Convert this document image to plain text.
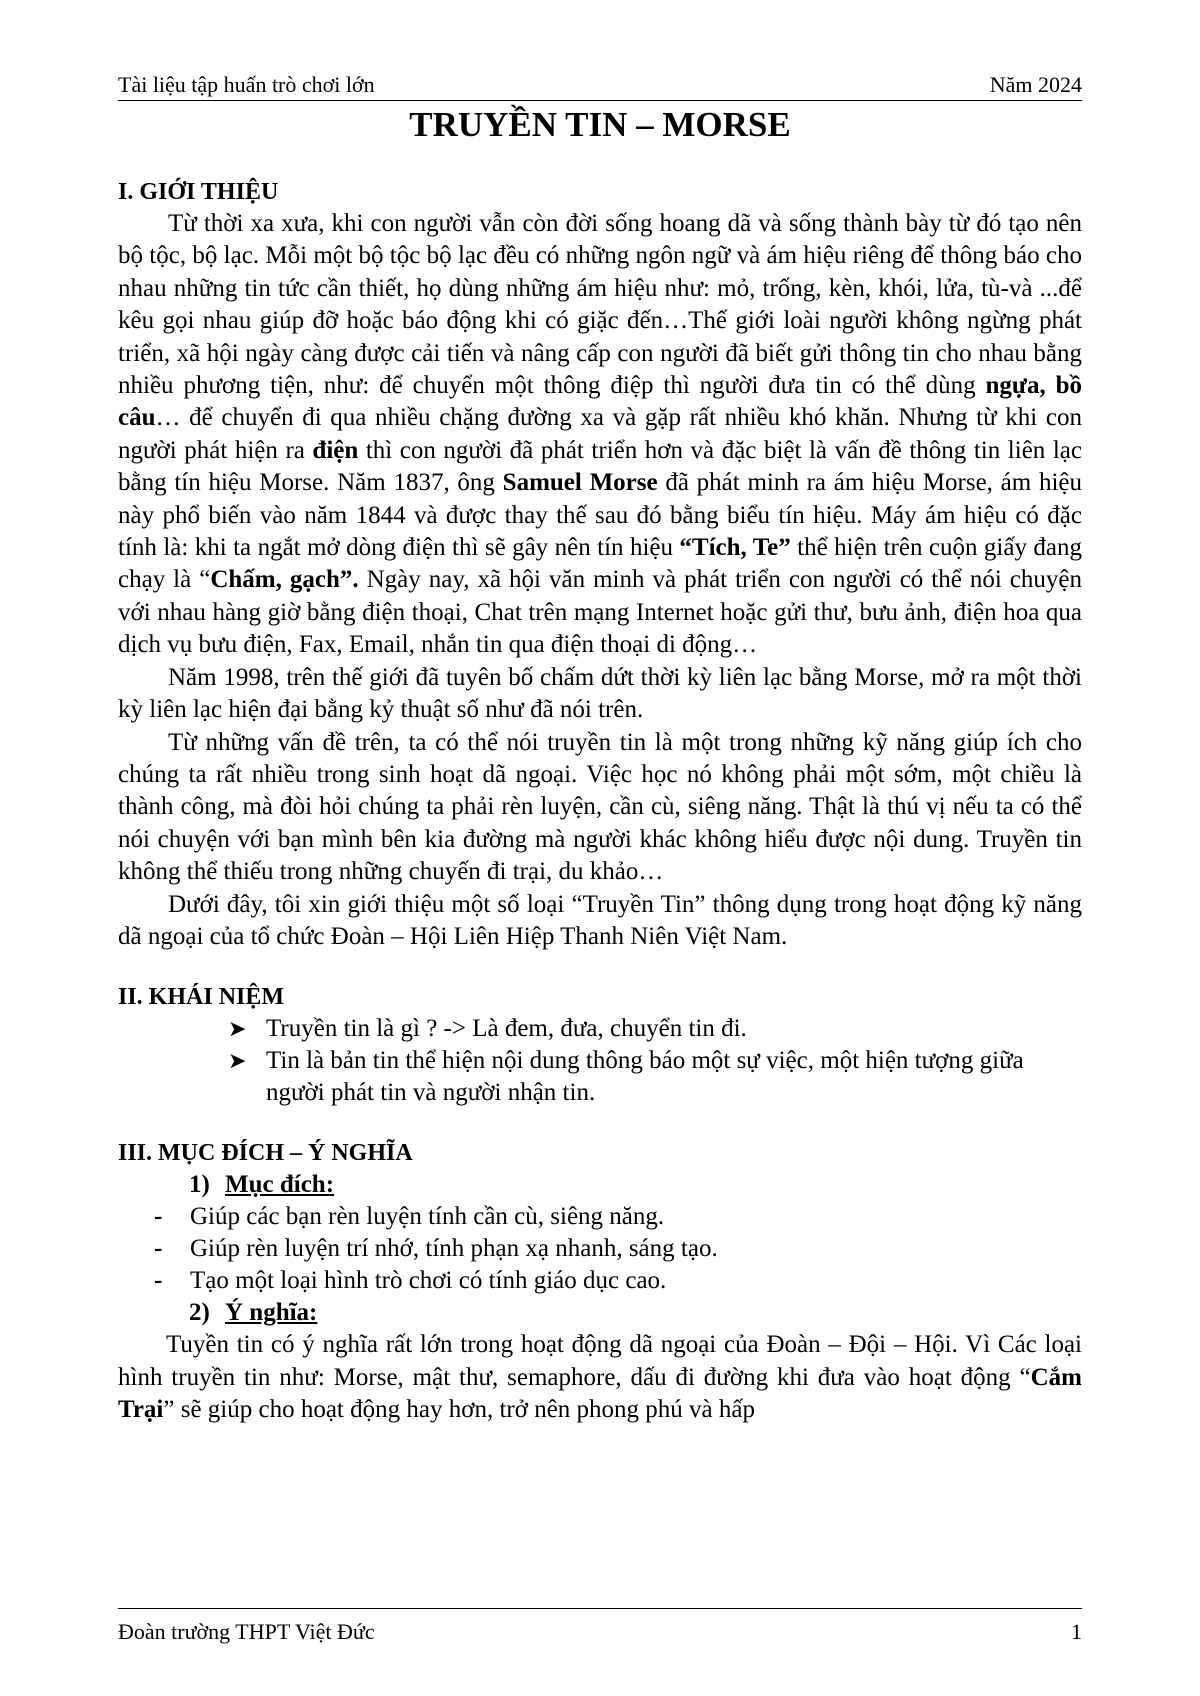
Tài liệu tập huấn trò chơi lớn	Năm 2024
TRUYỀN TIN – MORSE
I. GIỚI THIỆU

Từ thời xa xưa, khi con người vẫn còn đời sống hoang dã và sống thành bày từ đó tạo nên bộ tộc, bộ lạc. Mỗi một bộ tộc bộ lạc đều có những ngôn ngữ và ám hiệu riêng để thông báo cho nhau những tin tức cần thiết, họ dùng những ám hiệu như: mỏ, trống, kèn, khói, lửa, tù-và ...để kêu gọi nhau giúp đỡ hoặc báo động khi có giặc đến…Thế giới loài người không ngừng phát triển, xã hội ngày càng được cải tiến và nâng cấp con người đã biết gửi thông tin cho nhau bằng nhiều phương tiện, như: để chuyển một thông điệp thì người đưa tin có thể dùng ngựa, bồ câu… để chuyển đi qua nhiều chặng đường xa và gặp rất nhiều khó khăn. Nhưng từ khi con người phát hiện ra điện thì con người đã phát triển hơn và đặc biệt là vấn đề thông tin liên lạc bằng tín hiệu Morse. Năm 1837, ông Samuel Morse đã phát minh ra ám hiệu Morse, ám hiệu này phổ biến vào năm 1844 và được thay thế sau đó bằng biểu tín hiệu. Máy ám hiệu có đặc tính là: khi ta ngắt mở dòng điện thì sẽ gây nên tín hiệu “Tích, Te” thể hiện trên cuộn giấy đang chạy là “Chấm, gạch”. Ngày nay, xã hội văn minh và phát triển con người có thể nói chuyện với nhau hàng giờ bằng điện thoại, Chat trên mạng Internet hoặc gửi thư, bưu ảnh, điện hoa qua dịch vụ bưu điện, Fax, Email, nhắn tin qua điện thoại di động…

Năm 1998, trên thế giới đã tuyên bố chấm dứt thời kỳ liên lạc bằng Morse, mở ra một thời kỳ liên lạc hiện đại bằng kỷ thuật số như đã nói trên.

Từ những vấn đề trên, ta có thể nói truyền tin là một trong những kỹ năng giúp ích cho chúng ta rất nhiều trong sinh hoạt dã ngoại. Việc học nó không phải một sớm, một chiều là thành công, mà đòi hỏi chúng ta phải rèn luyện, cần cù, siêng năng. Thật là thú vị nếu ta có thể nói chuyện với bạn mình bên kia đường mà người khác không hiểu được nội dung. Truyền tin không thể thiếu trong những chuyến đi trại, du khảo…

Dưới đây, tôi xin giới thiệu một số loại “Truyền Tin” thông dụng trong hoạt động kỹ năng dã ngoại của tổ chức Đoàn – Hội Liên Hiệp Thanh Niên Việt Nam.

II. KHÁI NIỆM
➤ Truyền tin là gì ? -> Là đem, đưa, chuyển tin đi.
➤ Tin là bản tin thể hiện nội dung thông báo một sự việc, một hiện tượng giữa người phát tin và người nhận tin.
III. MỤC ĐÍCH – Ý NGHĨA
1) Mục đích:
- Giúp các bạn rèn luyện tính cần cù, siêng năng.
- Giúp rèn luyện trí nhớ, tính phạn xạ nhanh, sáng tạo.
- Tạo một loại hình trò chơi có tính giáo dục cao.
2) Ý nghĩa:

Tuyền tin có ý nghĩa rất lớn trong hoạt động dã ngoại của Đoàn – Đội – Hội. Vì Các loại hình truyền tin như: Morse, mật thư, semaphore, dấu đi đường khi đưa vào hoạt động “Cắm Trại” sẽ giúp cho hoạt động hay hơn, trở nên phong phú và hấp

Đoàn trường THPT Việt Đức	1
